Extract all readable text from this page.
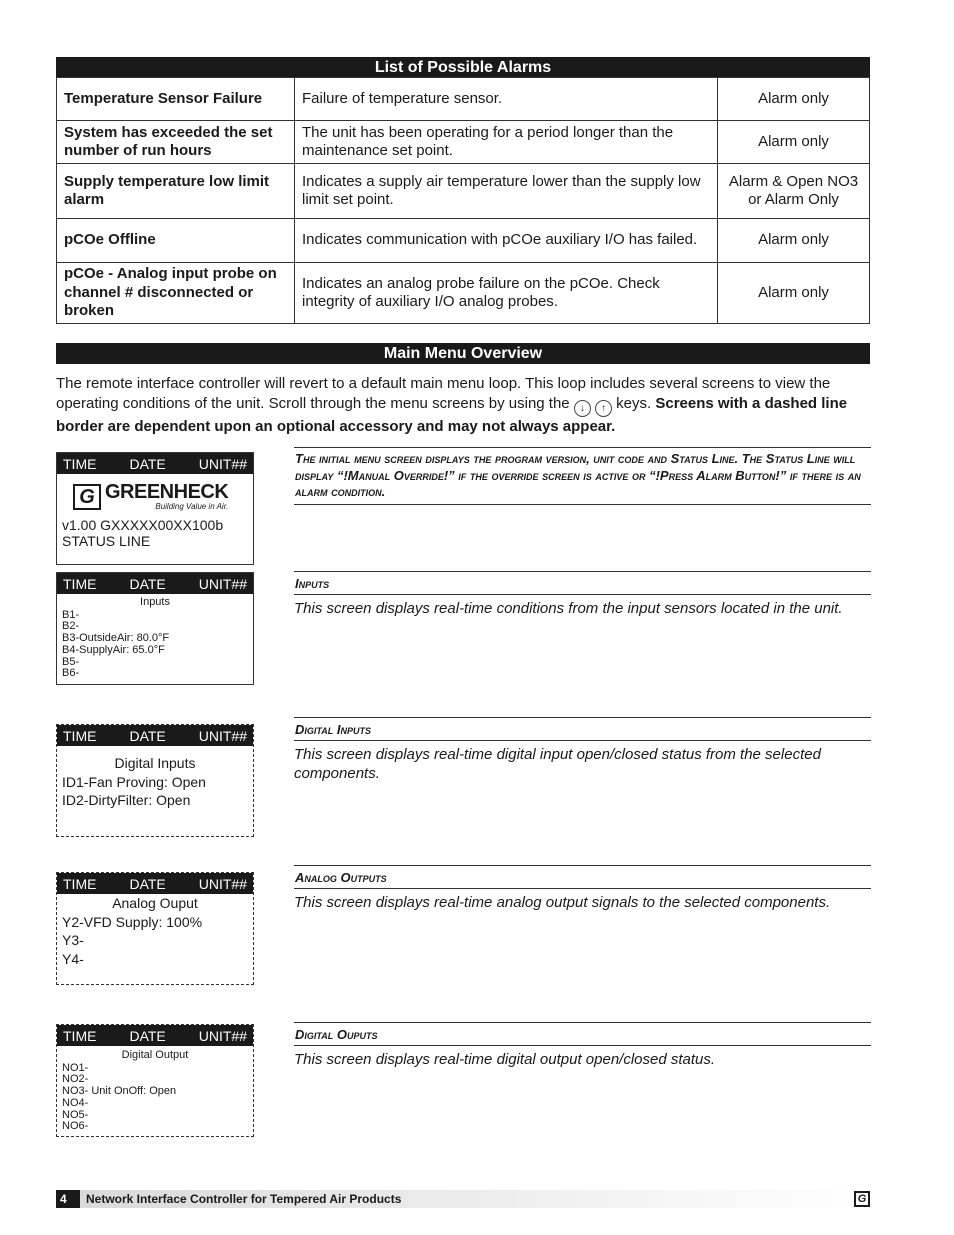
List of Possible Alarms
Temperature Sensor Failure	Failure of temperature sensor.	Alarm only
System has exceeded the set number of run hours	The unit has been operating for a period longer than the maintenance set point.	Alarm only
Supply temperature low limit alarm	Indicates a supply air temperature lower than the supply low limit set point.	Alarm & Open NO3 or Alarm Only
pCOe Offline	Indicates communication with pCOe auxiliary I/O has failed.	Alarm only
pCOe - Analog input probe on channel # disconnected or broken	Indicates an analog probe failure on the pCOe. Check integrity of auxiliary I/O analog probes.	Alarm only
Main Menu Overview
The remote interface controller will revert to a default main menu loop. This loop includes several screens to view the operating conditions of the unit. Scroll through the menu screens by using the ↓ ↑ keys. Screens with a dashed line border are dependent upon an optional accessory and may not always appear.
TIME DATE UNIT##
G GREENHECK
Building Value in Air.
v1.00 GXXXXX00XX100b
STATUS LINE
The initial menu screen displays the program version, unit code and Status Line. The Status Line will display “!Manual Override!” if the override screen is active or “!Press Alarm Button!” if there is an alarm condition.
TIME DATE UNIT##
Inputs
B1-
B2-
B3-OutsideAir: 80.0°F
B4-SupplyAir: 65.0°F
B5-
B6-
Inputs
This screen displays real-time conditions from the input sensors located in the unit.
TIME DATE UNIT##
Digital Inputs
ID1-Fan Proving: Open
ID2-DirtyFilter: Open
Digital Inputs
This screen displays real-time digital input open/closed status from the selected components.
TIME DATE UNIT##
Analog Ouput
Y2-VFD Supply: 100%
Y3-
Y4-
Analog Outputs
This screen displays real-time analog output signals to the selected components.
TIME DATE UNIT##
Digital Output
NO1-
NO2-
NO3- Unit OnOff: Open
NO4-
NO5-
NO6-
Digital Ouputs
This screen displays real-time digital output open/closed status.
4 Network Interface Controller for Tempered Air Products	G
